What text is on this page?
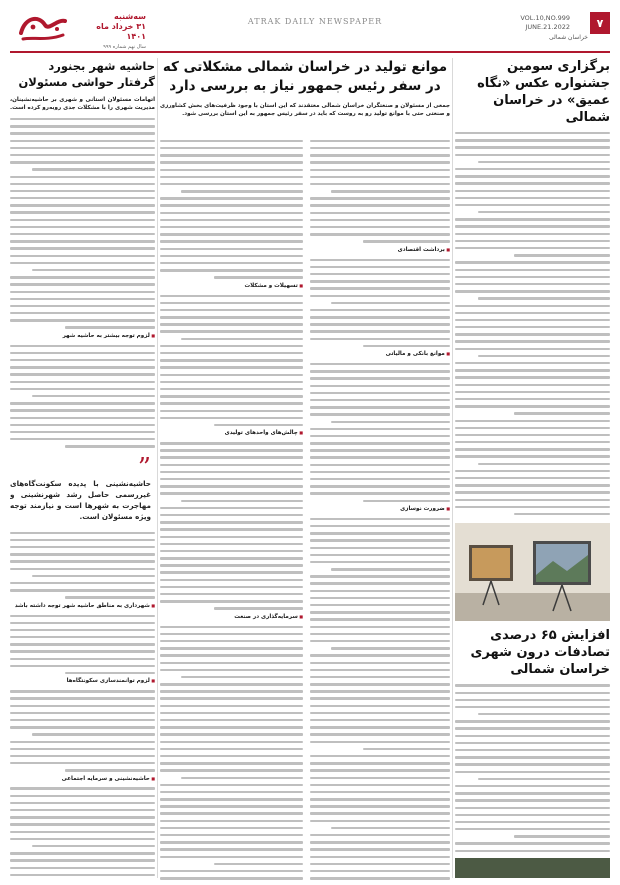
سه‌شنبه
۳۱ خرداد ماه ۱۴۰۱
سال نهم شماره ۹۹۹
ATRAK DAILY NEWSPAPER	VOL.10,NO.999
JUNE.21.2022
خراسان شمالی
۷
برگزاری سومین جشنواره عکس «نگاه عمیق» در خراسان شمالی
افزایش ۶۵ درصدی تصادفات درون شهری خراسان شمالی
موانع تولید در خراسان شمالی مشکلاتی که در سفر رئیس جمهور نیاز به بررسی دارد
جمعی از مسئولان و صنعتگران خراسان شمالی معتقدند که این استان با وجود ظرفیت‌های بخش کشاورزی و صنعتی حتی با موانع تولید رو به روست که باید در سفر رئیس جمهور به این استان بررسی شود.
■ برداشت اقتصادی
■ موانع بانکی و مالیاتی
■ ضرورت نوسازی
■ تسهیلات و مشکلات
■ چالش‌های واحدهای تولیدی
■ سرمایه‌گذاری در صنعت
حاشیه شهر بجنورد گرفتار حواشی مسئولان
اتهامات مسئولان استانی و شهری بر حاشیه‌نشینان، مدیریت شهری را با مشکلات جدی روبه‌رو کرده است.
■ لزوم توجه بیشتر به حاشیه شهر
”
حاشیه‌نشینی با پدیده سکونت‌گاه‌های غیررسمی حاصل رشد شهرنشینی و مهاجرت به شهرها است و نیازمند توجه ویژه مسئولان است.
■ شهرداری به مناطق حاشیه شهر توجه داشته باشد
■ لزوم توانمندسازی سکونتگاه‌ها
■ حاشیه‌نشینی و سرمایه اجتماعی
